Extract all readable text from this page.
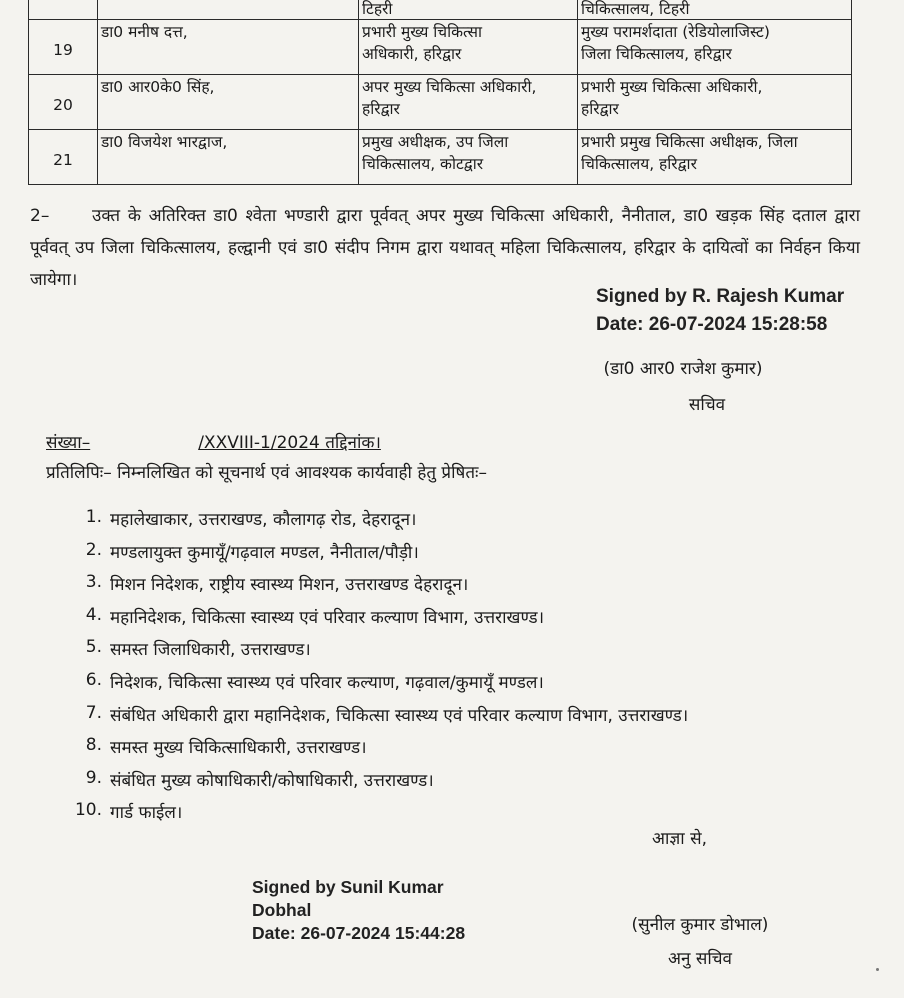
		टिहरी	चिकित्सालय, टिहरी
19	डा0 मनीष दत्त,	प्रभारी मुख्य चिकित्सा
अधिकारी, हरिद्वार	मुख्य परामर्शदाता (रेडियोलाजिस्ट)
जिला चिकित्सालय, हरिद्वार
20	डा0 आर0के0 सिंह,	अपर मुख्य चिकित्सा अधिकारी,
हरिद्वार	प्रभारी मुख्य चिकित्सा अधिकारी,
हरिद्वार
21	डा0 विजयेश भारद्वाज,	प्रमुख अधीक्षक, उप जिला
चिकित्सालय, कोटद्वार	प्रभारी प्रमुख चिकित्सा अधीक्षक, जिला
चिकित्सालय, हरिद्वार
2–	उक्त के अतिरिक्त डा0 श्वेता भण्डारी द्वारा पूर्ववत् अपर मुख्य चिकित्सा अधिकारी, नैनीताल, डा0 खड़क सिंह दताल द्वारा पूर्ववत् उप जिला चिकित्सालय, हल्द्वानी एवं डा0 संदीप निगम द्वारा यथावत् महिला चिकित्सालय, हरिद्वार के दायित्वों का निर्वहन किया जायेगा।
Signed by R. Rajesh Kumar
Date: 26-07-2024 15:28:58
(डा0 आर0 राजेश कुमार)
सचिव
संख्या–	/XXVIII-1/2024 तद्दिनांक।
प्रतिलिपिः– निम्नलिखित को सूचनार्थ एवं आवश्यक कार्यवाही हेतु प्रेषितः–
1. महालेखाकार, उत्तराखण्ड, कौलागढ़ रोड, देहरादून।
2. मण्डलायुक्त कुमायूँ/गढ़वाल मण्डल, नैनीताल/पौड़ी।
3. मिशन निदेशक, राष्ट्रीय स्वास्थ्य मिशन, उत्तराखण्ड देहरादून।
4. महानिदेशक, चिकित्सा स्वास्थ्य एवं परिवार कल्याण विभाग, उत्तराखण्ड।
5. समस्त जिलाधिकारी, उत्तराखण्ड।
6. निदेशक, चिकित्सा स्वास्थ्य एवं परिवार कल्याण, गढ़वाल/कुमायूँ मण्डल।
7. संबंधित अधिकारी द्वारा महानिदेशक, चिकित्सा स्वास्थ्य एवं परिवार कल्याण विभाग, उत्तराखण्ड।
8. समस्त मुख्य चिकित्साधिकारी, उत्तराखण्ड।
9. संबंधित मुख्य कोषाधिकारी/कोषाधिकारी, उत्तराखण्ड।
10. गार्ड फाईल।
आज्ञा से,
Signed by Sunil Kumar
Dobhal
Date: 26-07-2024 15:44:28	(सुनील कुमार डोभाल)
अनु सचिव
